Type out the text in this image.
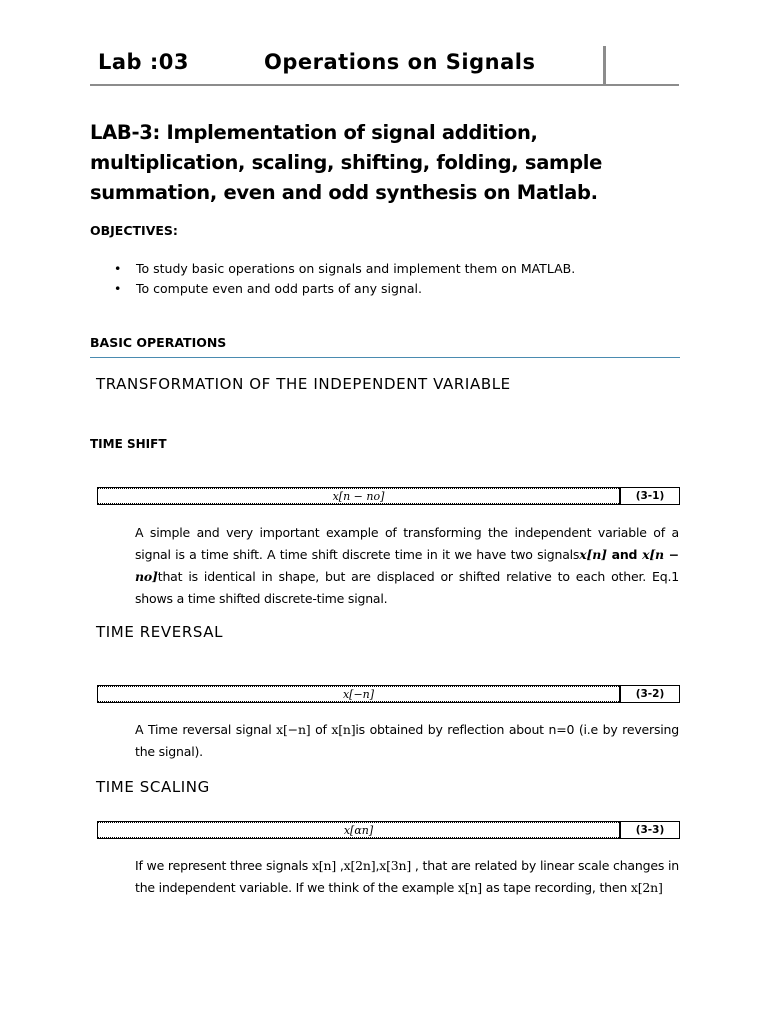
Lab :03	Operations on Signals
LAB-3: Implementation of signal addition, multiplication, scaling, shifting, folding, sample summation, even and odd synthesis on Matlab.
OBJECTIVES:
• To study basic operations on signals and implement them on MATLAB.
• To compute even and odd parts of any signal.
BASIC OPERATIONS
TRANSFORMATION OF THE INDEPENDENT VARIABLE
TIME SHIFT
x[n − no]	(3-1)
A simple and very important example of transforming the independent variable of a signal is a time shift. A time shift discrete time in it we have two signalsx[n] and x[n − no]that is identical in shape, but are displaced or shifted relative to each other. Eq.1 shows a time shifted discrete-time signal.
TIME REVERSAL
x[−n]	(3-2)
A Time reversal signal x[−n] of x[n]is obtained by reflection about n=0 (i.e by reversing the signal).
TIME SCALING
x[αn]	(3-3)
If we represent three signals x[n] ,x[2n],x[3n] , that are related by linear scale changes in the independent variable. If we think of the example x[n] as tape recording, then x[2n]
